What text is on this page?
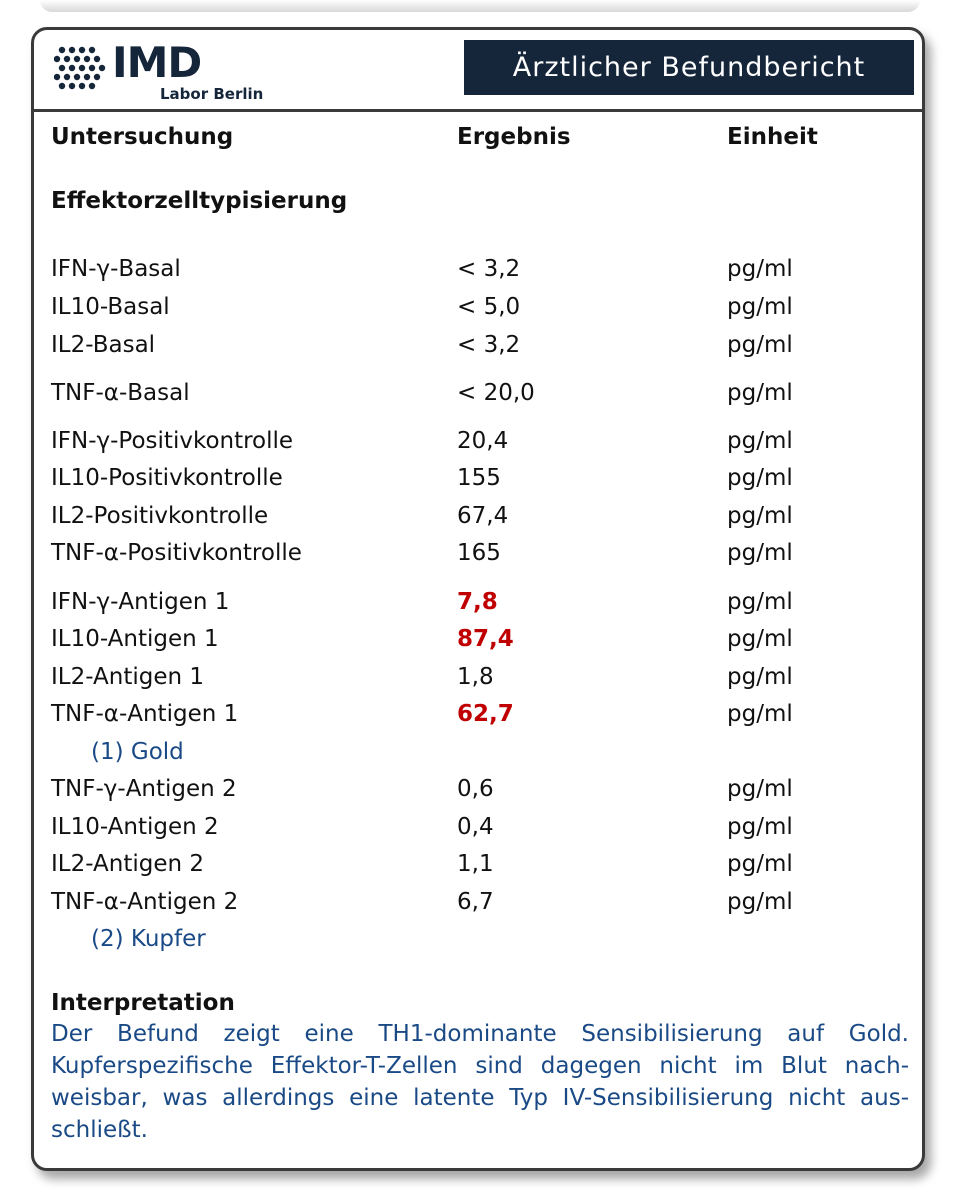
IMD
Labor Berlin
Ärztlicher Befundbericht
Untersuchung	Ergebnis	Einheit
Effektorzelltypisierung
IFN-γ-Basal	< 3,2	pg/ml
IL10-Basal	< 5,0	pg/ml
IL2-Basal	< 3,2	pg/ml
TNF-α-Basal	< 20,0	pg/ml
IFN-γ-Positivkontrolle	20,4	pg/ml
IL10-Positivkontrolle	155	pg/ml
IL2-Positivkontrolle	67,4	pg/ml
TNF-α-Positivkontrolle	165	pg/ml
IFN-γ-Antigen 1	7,8	pg/ml
IL10-Antigen 1	87,4	pg/ml
IL2-Antigen 1	1,8	pg/ml
TNF-α-Antigen 1	62,7	pg/ml
(1) Gold
TNF-γ-Antigen 2	0,6	pg/ml
IL10-Antigen 2	0,4	pg/ml
IL2-Antigen 2	1,1	pg/ml
TNF-α-Antigen 2	6,7	pg/ml
(2) Kupfer
Interpretation
Der Befund zeigt eine TH1-dominante Sensibilisierung auf Gold. Kupferspezifische Effektor-T-Zellen sind dagegen nicht im Blut nachweisbar, was allerdings eine latente Typ IV-Sensibilisierung nicht ausschließt.
